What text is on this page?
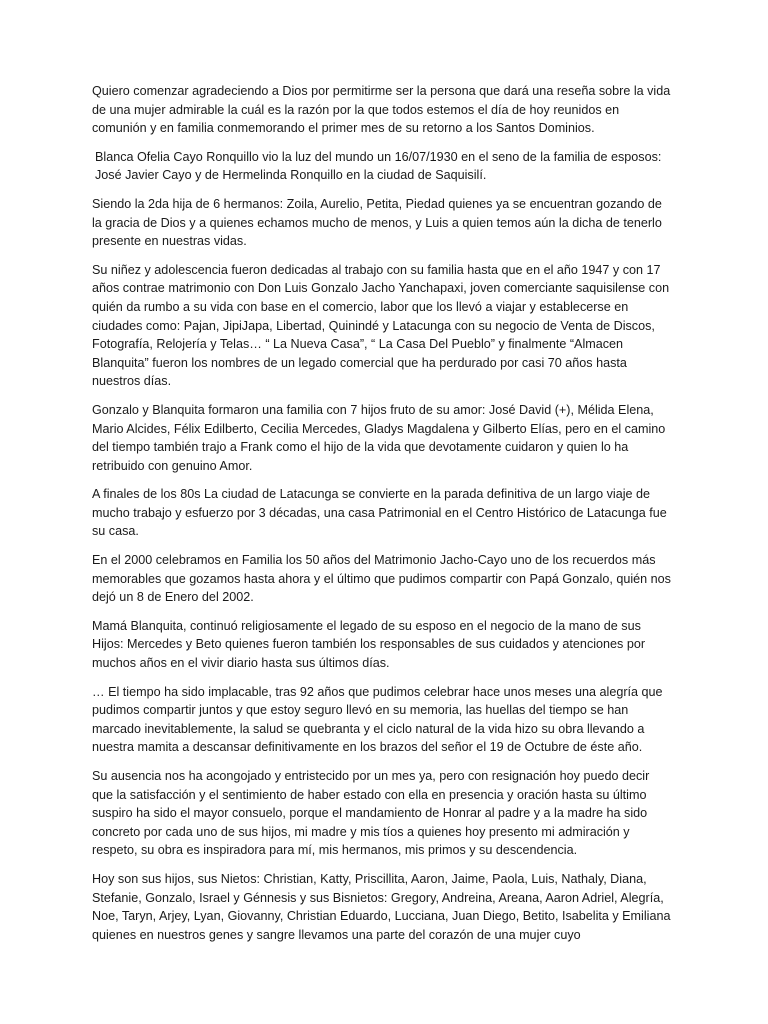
Quiero comenzar agradeciendo a Dios por permitirme ser la persona que dará una reseña sobre la vida de una mujer admirable la cuál es la razón por la que todos estemos el día de hoy reunidos en comunión y en familia conmemorando el primer mes de su retorno a los Santos Dominios.

Blanca Ofelia Cayo Ronquillo vio la luz del mundo un 16/07/1930 en el seno de la familia de esposos: José Javier Cayo y de Hermelinda Ronquillo en la ciudad de Saquisilí.

Siendo la 2da hija de 6 hermanos: Zoila, Aurelio, Petita, Piedad quienes ya se encuentran gozando de la gracia de Dios y a quienes echamos mucho de menos, y Luis a quien temos aún la dicha de tenerlo presente en nuestras vidas.

Su niñez y adolescencia fueron dedicadas al trabajo con su familia hasta que en el año 1947 y con 17 años contrae matrimonio con Don Luis Gonzalo Jacho Yanchapaxi, joven comerciante saquisilense con quién da rumbo a su vida con base en el comercio, labor que los llevó a viajar y establecerse en ciudades como: Pajan, JipiJapa, Libertad, Quinindé y Latacunga con su negocio de Venta de Discos, Fotografía, Relojería y Telas… “ La Nueva Casa”, “ La Casa Del Pueblo” y finalmente “Almacen Blanquita” fueron los nombres de un legado comercial que ha perdurado por casi 70 años hasta nuestros días.

Gonzalo y Blanquita formaron una familia con 7 hijos fruto de su amor: José David (+), Mélida Elena, Mario Alcides, Félix Edilberto, Cecilia Mercedes, Gladys Magdalena y Gilberto Elías, pero en el camino del tiempo también trajo a Frank como el hijo de la vida que devotamente cuidaron y quien lo ha retribuido con genuino Amor.

A finales de los 80s La ciudad de Latacunga se convierte en la parada definitiva de un largo viaje de mucho trabajo y esfuerzo por 3 décadas, una casa Patrimonial en el Centro Histórico de Latacunga fue su casa.

En el 2000 celebramos en Familia los 50 años del Matrimonio Jacho-Cayo uno de los recuerdos más memorables que gozamos hasta ahora y el último que pudimos compartir con Papá Gonzalo, quién nos dejó un 8 de Enero del 2002.

Mamá Blanquita, continuó religiosamente el legado de su esposo en el negocio de la mano de sus Hijos: Mercedes y Beto quienes fueron también los responsables de sus cuidados y atenciones por muchos años en el vivir diario hasta sus últimos días.

… El tiempo ha sido implacable, tras 92 años que pudimos celebrar hace unos meses una alegría que pudimos compartir juntos y que estoy seguro llevó en su memoria, las huellas del tiempo se han marcado inevitablemente, la salud se quebranta y el ciclo natural de la vida hizo su obra llevando a nuestra mamita a descansar definitivamente en los brazos del señor el 19 de Octubre de éste año.

Su ausencia nos ha acongojado y entristecido por un mes ya, pero con resignación hoy puedo decir que la satisfacción y el sentimiento de haber estado con ella en presencia y oración hasta su último suspiro ha sido el mayor consuelo, porque el mandamiento de Honrar al padre y a la madre ha sido concreto por cada uno de sus hijos, mi madre y mis tíos a quienes hoy presento mi admiración y respeto, su obra es inspiradora para mí, mis hermanos, mis primos y su descendencia.

Hoy son sus hijos, sus Nietos: Christian, Katty, Priscillita, Aaron, Jaime, Paola, Luis, Nathaly, Diana, Stefanie, Gonzalo, Israel y Génnesis y sus Bisnietos: Gregory, Andreina, Areana, Aaron Adriel, Alegría, Noe, Taryn, Arjey, Lyan, Giovanny, Christian Eduardo, Lucciana, Juan Diego, Betito, Isabelita y Emiliana quienes en nuestros genes y sangre llevamos una parte del corazón de una mujer cuyo
